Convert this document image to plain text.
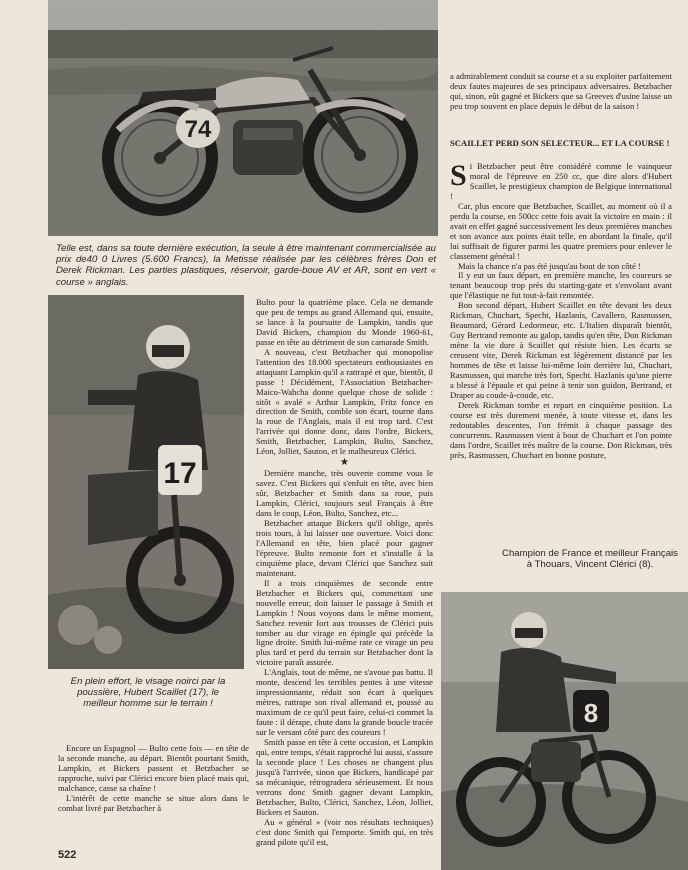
74

Telle est, dans sa toute dernière exécution, la seule à être maintenant commercialisée au prix de40 0 Livres (5.600 Francs), la Metisse réalisée par les célèbres frères Don et Derek Rickman. Les parties plastiques, réservoir, garde-boue AV et AR, sont en vert « course » anglais.

17

En plein effort, le visage noirci par la poussière, Hubert Scaillet (17), le meilleur homme sur le terrain !	8

Champion de France et meilleur Français à Thouars, Vincent Clérici (8).

Encore un Espagnol — Bulto cette fois — en tête de la seconde manche, au départ. Bientôt pourtant Smith, Lampkin, et Bickers passent et Betzbacher se rapproche, suivi par Clérici encore bien placé mais qui, malchance, casse sa chaîne !

L'intérêt de cette manche se situe alors dans le combat livré par Betzbacher à

Bulto pour la quatrième place. Cela ne demande que peu de temps au grand Allemand qui, ensuite, se lance à la poursuite de Lampkin, tandis que David Bickers, champion du Monde 1960-61, passe en tête au détriment de son camarade Smith.

A nouveau, c'est Betzbacher qui monopolise l'attention des 18.000 spectateurs enthousiastes en attaquant Lampkin qu'il a rattrapé et que, bientôt, il passe ! Décidément, l'Association Betzbacher-Maico-Wahcha donne quelque chose de solide : sitôt « avalé » Arthur Lampkin, Fritz fonce en direction de Smith, comble son écart, tourne dans la roue de l'Anglais, mais il est trop tard. C'est l'arrivée qui donne donc, dans l'ordre, Bickers, Smith, Betzbacher, Lampkin, Bulto, Sanchez, Léon, Jolliet, Sauton, et le malheureux Clérici.

★

Dernière manche, très ouverte comme vous le savez. C'est Bickers qui s'enfuit en tête, avec bien sûr, Betzbacher et Smith dans sa roue, puis Lampkin, Clérici, toujours seul Français à être dans le coup, Léon, Bulto, Sanchez, etc...

Betzbacher attaque Bickers qu'il oblige, après trois tours, à lui laisser une ouverture. Voici donc l'Allemand en tête, bien placé pour gagner l'épreuve. Bulto remonte fort et s'installe à la cinquième place, devant Clérici que Sanchez suit maintenant.

Il a trois cinquièmes de seconde entre Betzbacher et Bickers qui, commettant une nouvelle erreur, doit laisser le passage à Smith et Lampkin ! Nous voyons dans le même moment, Sanchez revenir fort aux trousses de Clérici puis tomber au dur virage en épingle qui précède la ligne droite. Smith lui-même rate ce virage un peu plus tard et perd du terrain sur Betzbacher dont la victoire paraît assurée.

L'Anglais, tout de même, ne s'avoue pas battu. Il monte, descend les terribles pentes à une vitesse impressionnante, réduit son écart à quelques mètres, rattrape son rival allemand et, poussé au maximum de ce qu'il peut faire, celui-ci commet la faute : il dérape, chute dans la grande boucle tracée sur le versant côté parc des coureurs !

Smith passe en tête à cette occasion, et Lampkin qui, entre temps, s'était rapproché lui aussi, s'assure la seconde place ! Les choses ne changent plus jusqu'à l'arrivée, sinon que Bickers, handicapé par sa mécanique, rétrogradera sérieusement. Et nous verrons donc Smith gagner devant Lampkin, Betzbacher, Bulto, Clérici, Sanchez, Léon, Jolliet, Bickers et Sauton.

Au « général » (voir nos résultats techniques) c'est donc Smith qui l'emporte. Smith qui, en très grand pilote qu'il est,

a admirablement conduit sa course et a su exploiter parfaitement deux fautes majeures de ses principaux adversaires. Betzbacher qui, sinon, eût gagné et Bickers que sa Greeves d'usine laisse un peu trop souvent en place depuis le début de la saison !

SCAILLET PERD SON SELECTEUR... ET LA COURSE !

Si Betzbacher peut être considéré comme le vainqueur moral de l'épreuve en 250 cc, que dire alors d'Hubert Scaillet, le prestigieux champion de Belgique international !

Car, plus encore que Betzbacher, Scaillet, au moment où il a perdu la course, en 500cc cette fois avait la victoire en main : il avait en effet gagné successivement les deux premières manches et son avance aux points était telle, en abordant la finale, qu'il lui suffisait de figurer parmi les quatre premiers pour enlever le classement général !

Mais la chance n'a pas été jusqu'au bout de son côté !

Il y eut un faux départ, en première manche, les coureurs se tenant beaucoup trop près du starting-gate et s'envolant avant que l'élastique ne fut tout-à-fait remontée.

Bon second départ, Hubert Scaillet en tête devant les deux Rickman, Chuchart, Specht, Hazlanis, Cavallero, Rasmussen, Beaumard, Gérard Ledormeur, etc. L'Italien disparaît bientôt, Guy Bertrand remonte au galop, tandis qu'en tête, Don Rickman mène la vie dure à Scaillet qui résiste bien. Les écarts se creusent vite, Derek Rickman est légèrement distancé par les hommes de tête et laisse lui-même loin derrière lui, Chuchart, Rasmussen, qui marche très fort, Specht. Hazlanis qu'une pierre a blessé à l'épaule et qui peine à tenir son guidon, Bertrand, et Draper au coude-à-coude, etc.

Derek Rickman tombe et repart en cinquième position. La course est très durement menée, à toute vitesse et, dans les redoutables descentes, l'on frémit à chaque passage des concurrents. Rasmussen vient à bout de Chuchart et l'on pointe dans l'ordre, Scaillet très maître de la course. Don Rickman, très près, Rasmussen, Chuchart en bonne posture,

522
